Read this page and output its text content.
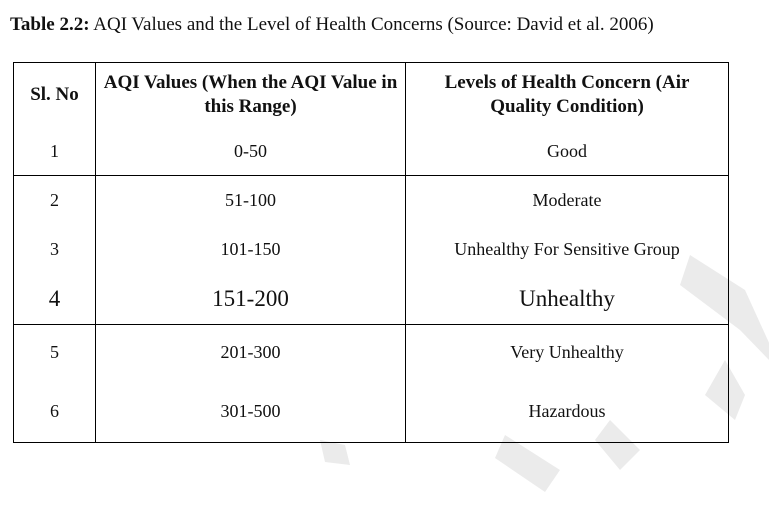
Table 2.2: AQI Values and the Level of Health Concerns (Source: David et al. 2006)
Sl. No	AQI Values (When the AQI Value in this Range)	Levels of Health Concern (Air Quality Condition)
1	0-50	Good
2	51-100	Moderate
3	101-150	Unhealthy For Sensitive Group
4	151-200	Unhealthy
5	201-300	Very Unhealthy
6	301-500	Hazardous
